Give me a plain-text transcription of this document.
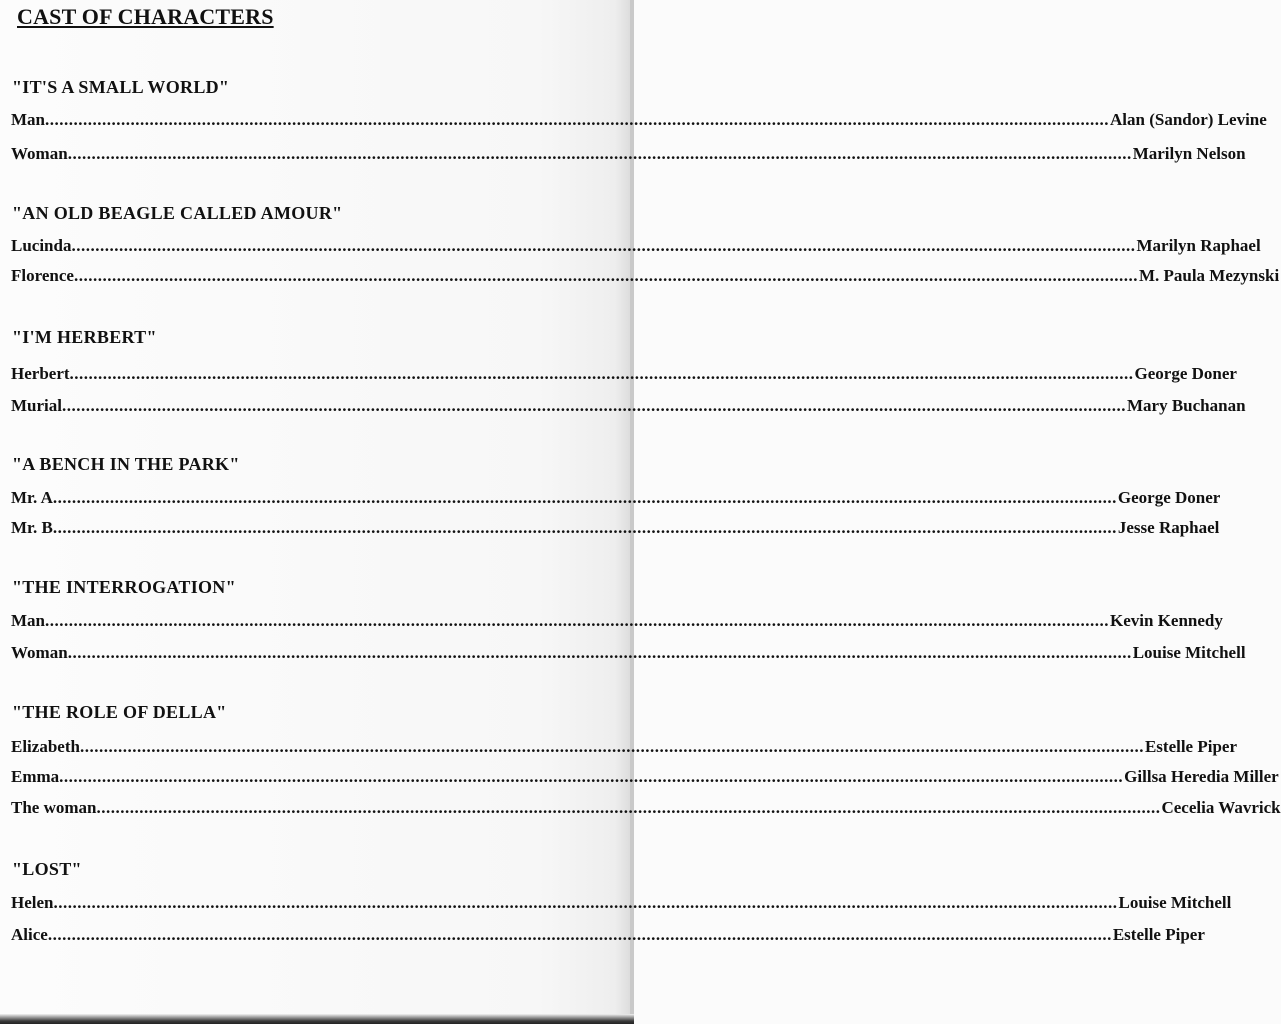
CAST OF CHARACTERS
"IT'S A SMALL WORLD"
Man ................................................................................................................................................................................................................................ Alan (Sandor) Levine
Woman ................................................................................................................................................................................................................................ Marilyn Nelson
"AN OLD BEAGLE CALLED AMOUR"
Lucinda ................................................................................................................................................................................................................................ Marilyn Raphael
Florence ................................................................................................................................................................................................................................ M. Paula Mezynski
"I'M HERBERT"
Herbert ................................................................................................................................................................................................................................ George Doner
Murial ................................................................................................................................................................................................................................ Mary Buchanan
"A BENCH IN THE PARK"
Mr. A ................................................................................................................................................................................................................................ George Doner
Mr. B ................................................................................................................................................................................................................................ Jesse Raphael
"THE INTERROGATION"
Man ................................................................................................................................................................................................................................ Kevin Kennedy
Woman ................................................................................................................................................................................................................................ Louise Mitchell
"THE ROLE OF DELLA"
Elizabeth ................................................................................................................................................................................................................................ Estelle Piper
Emma ................................................................................................................................................................................................................................ Gillsa Heredia Miller
The woman ................................................................................................................................................................................................................................ Cecelia Wavrick
"LOST"
Helen ................................................................................................................................................................................................................................ Louise Mitchell
Alice ................................................................................................................................................................................................................................ Estelle Piper
